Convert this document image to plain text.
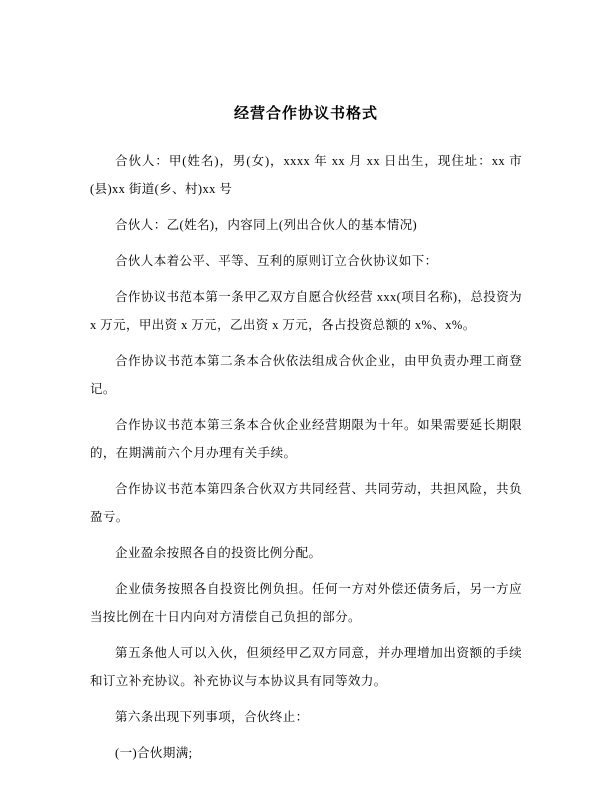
经营合作协议书格式

合伙人：甲(姓名)，男(女)，xxxx 年 xx 月 xx 日出生，现住址：xx 市(县)xx 街道(乡、村)xx 号

合伙人：乙(姓名)，内容同上(列出合伙人的基本情况)

合伙人本着公平、平等、互利的原则订立合伙协议如下：

合作协议书范本第一条甲乙双方自愿合伙经营 xxx(项目名称)，总投资为 x 万元，甲出资 x 万元，乙出资 x 万元，各占投资总额的 x%、x%。

合作协议书范本第二条本合伙依法组成合伙企业，由甲负责办理工商登记。

合作协议书范本第三条本合伙企业经营期限为十年。如果需要延长期限的，在期满前六个月办理有关手续。

合作协议书范本第四条合伙双方共同经营、共同劳动，共担风险，共负盈亏。

企业盈余按照各自的投资比例分配。

企业债务按照各自投资比例负担。任何一方对外偿还债务后，另一方应当按比例在十日内向对方清偿自己负担的部分。

第五条他人可以入伙，但须经甲乙双方同意，并办理增加出资额的手续和订立补充协议。补充协议与本协议具有同等效力。

第六条出现下列事项，合伙终止：

(一)合伙期满;
